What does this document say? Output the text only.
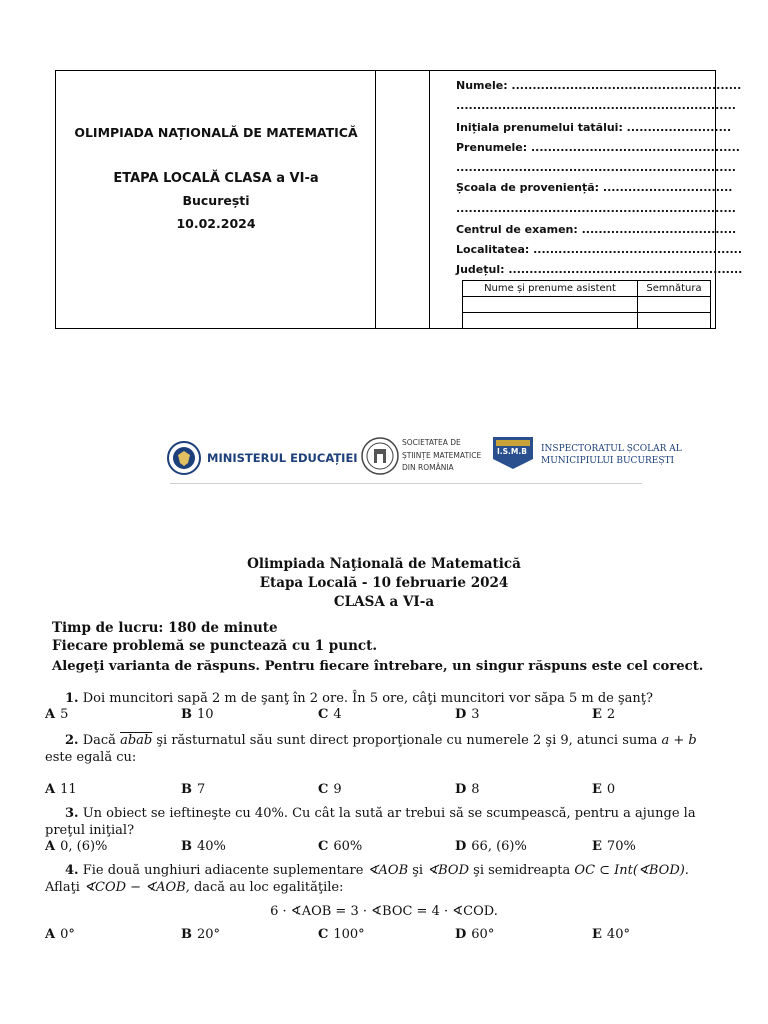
OLIMPIADA NAȚIONALĂ DE MATEMATICĂ
ETAPA LOCALĂ CLASA a VI-a
București
10.02.2024
Numele: .......................................................
...................................................................
Inițiala prenumelui tatălui: .........................
Prenumele: ..................................................
...................................................................
Școala de proveniență: ...............................
...................................................................
Centrul de examen: .....................................
Localitatea: ..................................................
Județul: ........................................................
Nume și prenume asistent	Semnătura

MINISTERUL EDUCAȚIEI
SOCIETATEA DE
ȘTIINȚE MATEMATICE
DIN ROMÂNIA
I.S.M.B INSPECTORATUL ȘCOLAR AL
MUNICIPIULUI BUCUREȘTI
Olimpiada Naţională de Matematică
Etapa Locală - 10 februarie 2024
CLASA a VI-a
Timp de lucru: 180 de minute
Fiecare problemă se punctează cu 1 punct.
Alegeţi varianta de răspuns. Pentru fiecare întrebare, un singur răspuns este cel corect.
1. Doi muncitori sapă 2 m de şanţ în 2 ore. În 5 ore, câţi muncitori vor săpa 5 m de şanţ?
A 5	B 10	C 4	D 3	E 2
2. Dacă abab şi răsturnatul său sunt direct proporţionale cu numerele 2 şi 9, atunci suma a + b este egală cu:
A 11	B 7	C 9	D 8	E 0
3. Un obiect se ieftineşte cu 40%. Cu cât la sută ar trebui să se scumpească, pentru a ajunge la preţul iniţial?
A 0, (6)%	B 40%	C 60%	D 66, (6)%	E 70%
4. Fie două unghiuri adiacente suplementare ∢AOB şi ∢BOD şi semidreapta OC ⊂ Int(∢BOD). Aflaţi ∢COD − ∢AOB, dacă au loc egalităţile:
6 · ∢AOB = 3 · ∢BOC = 4 · ∢COD.
A 0°	B 20°	C 100°	D 60°	E 40°
